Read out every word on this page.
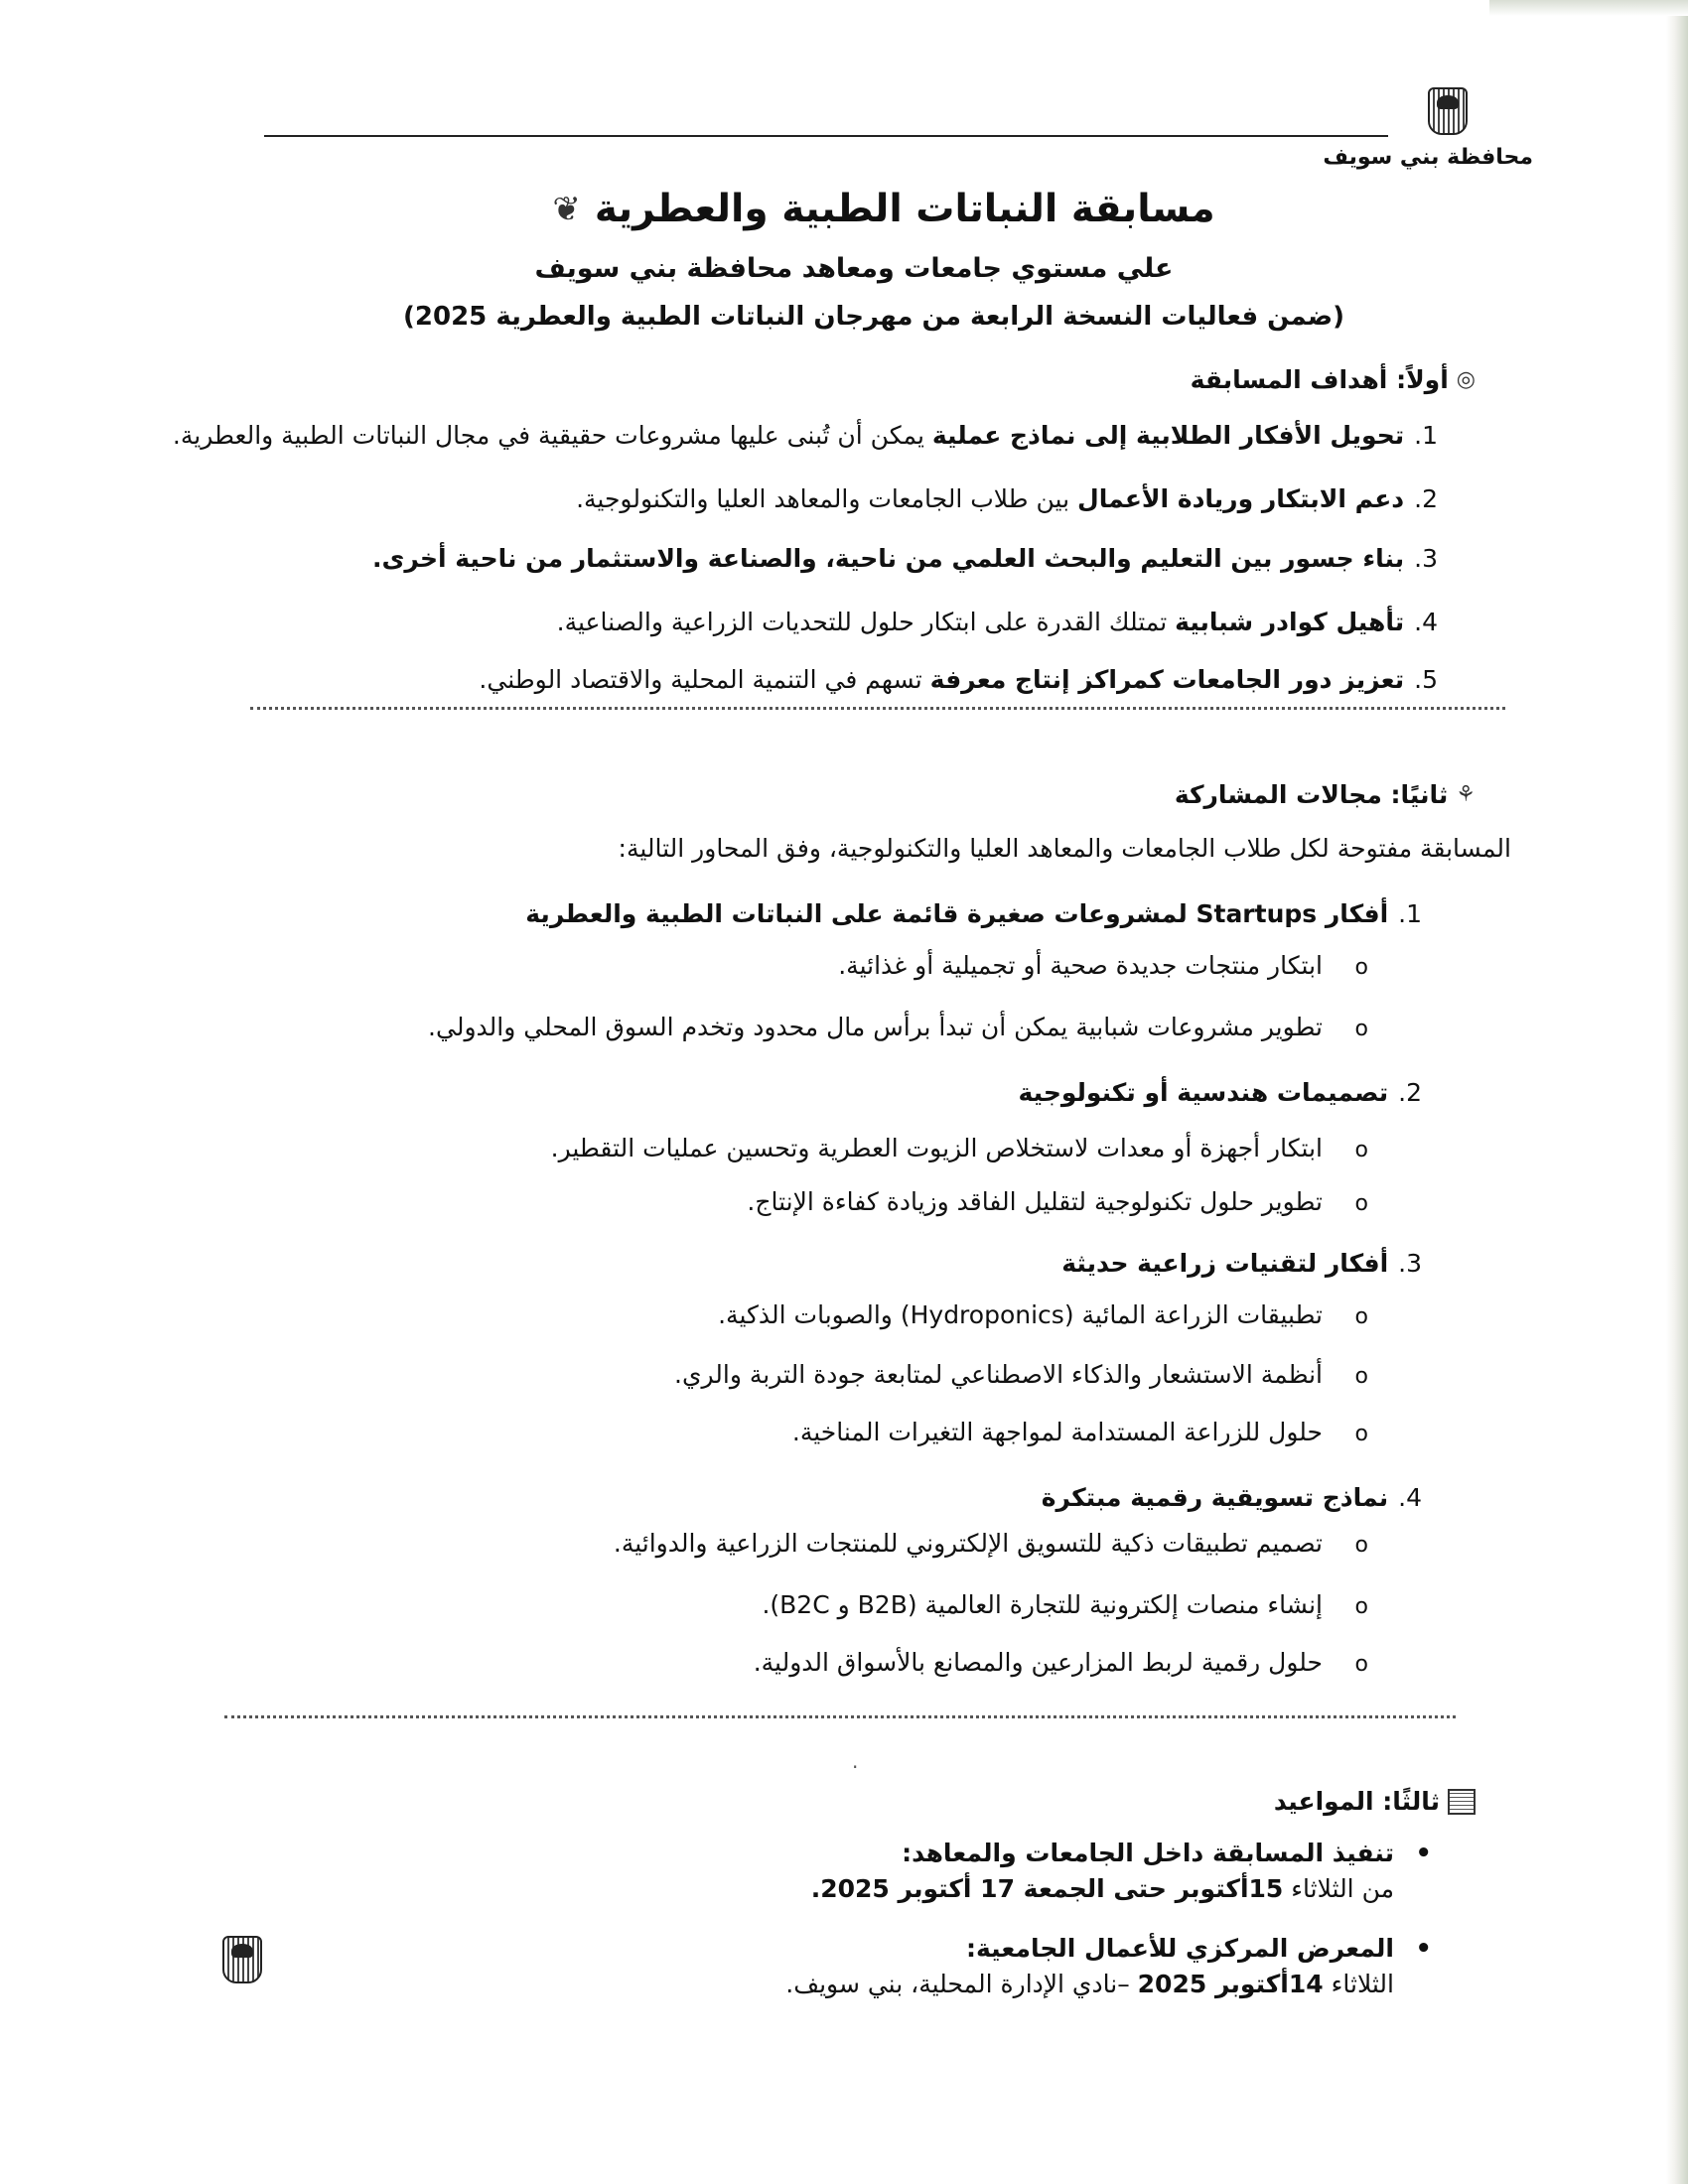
محافظة بني سويف
مسابقة النباتات الطبية والعطرية
❦
علي مستوي جامعات ومعاهد محافظة بني سويف
(ضمن فعاليات النسخة الرابعة من مهرجان النباتات الطبية والعطرية 2025)
◎
أولاً: أهداف المسابقة
1.تحويل الأفكار الطلابية إلى نماذج عملية يمكن أن تُبنى عليها مشروعات حقيقية في مجال النباتات الطبية والعطرية.
2.دعم الابتكار وريادة الأعمال بين طلاب الجامعات والمعاهد العليا والتكنولوجية.
3.بناء جسور بين التعليم والبحث العلمي من ناحية، والصناعة والاستثمار من ناحية أخرى.
4.تأهيل كوادر شبابية تمتلك القدرة على ابتكار حلول للتحديات الزراعية والصناعية.
5.تعزيز دور الجامعات كمراكز إنتاج معرفة تسهم في التنمية المحلية والاقتصاد الوطني.
⚘
ثانيًا: مجالات المشاركة
المسابقة مفتوحة لكل طلاب الجامعات والمعاهد العليا والتكنولوجية، وفق المحاور التالية:
1.أفكار Startups لمشروعات صغيرة قائمة على النباتات الطبية والعطرية
o ابتكار منتجات جديدة صحية أو تجميلية أو غذائية.
o تطوير مشروعات شبابية يمكن أن تبدأ برأس مال محدود وتخدم السوق المحلي والدولي.
2.تصميمات هندسية أو تكنولوجية
o ابتكار أجهزة أو معدات لاستخلاص الزيوت العطرية وتحسين عمليات التقطير.
o تطوير حلول تكنولوجية لتقليل الفاقد وزيادة كفاءة الإنتاج.
3.أفكار لتقنيات زراعية حديثة
o تطبيقات الزراعة المائية (Hydroponics) والصوبات الذكية.
o أنظمة الاستشعار والذكاء الاصطناعي لمتابعة جودة التربة والري.
o حلول للزراعة المستدامة لمواجهة التغيرات المناخية.
4.نماذج تسويقية رقمية مبتكرة
o تصميم تطبيقات ذكية للتسويق الإلكتروني للمنتجات الزراعية والدوائية.
o إنشاء منصات إلكترونية للتجارة العالمية (B2B و B2C).
o حلول رقمية لربط المزارعين والمصانع بالأسواق الدولية.
·
ثالثًا: المواعيد
• تنفيذ المسابقة داخل الجامعات والمعاهد:
من الثلاثاء 15أكتوبر حتى الجمعة 17 أكتوبر 2025.
• المعرض المركزي للأعمال الجامعية:
الثلاثاء 14أكتوبر 2025 –نادي الإدارة المحلية، بني سويف.
